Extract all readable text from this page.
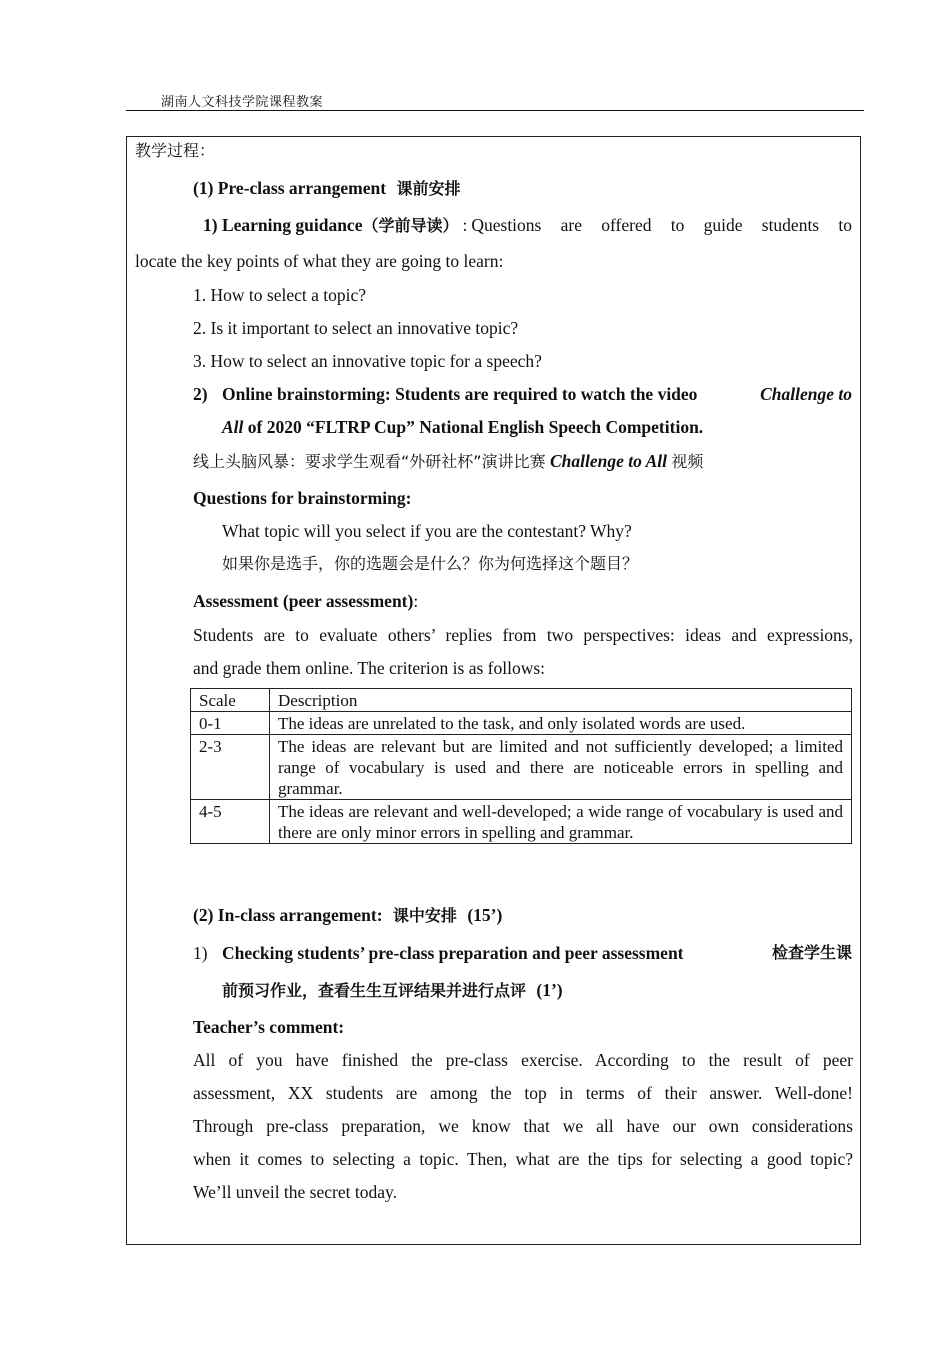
湖南人文科技学院课程教案
教学过程：
(1) Pre-class arrangement 课前安排
1) Learning guidance（学前导读） : Questions are offered to guide students to
locate the key points of what they are going to learn:
1. How to select a topic?
2. Is it important to select an innovative topic?
3. How to select an innovative topic for a speech?
2) Online brainstorming: Students are required to watch the video	Challenge to
All of 2020 “FLTRP Cup” National English Speech Competition.
线上头脑风暴：要求学生观看“外研社杯”演讲比赛 Challenge to All 视频
Questions for brainstorming:
What topic will you select if you are the contestant? Why?
如果你是选手，你的选题会是什么？你为何选择这个题目？
Assessment (peer assessment):
Students are to evaluate others’ replies from two perspectives: ideas and expressions,
and grade them online. The criterion is as follows:
Scale	Description
0-1	The ideas are unrelated to the task, and only isolated words are used.
2-3	The ideas are relevant but are limited and not sufficiently developed; a limited range of vocabulary is used and there are noticeable errors in spelling and grammar.
4-5	The ideas are relevant and well-developed; a wide range of vocabulary is used and there are only minor errors in spelling and grammar.
(2) In-class arrangement: 课中安排 (15’)
1) Checking students’ pre-class preparation and peer assessment	检查学生课
前预习作业，查看生生互评结果并进行点评 (1’)
Teacher’s comment:
All of you have finished the pre-class exercise. According to the result of peer
assessment, XX students are among the top in terms of their answer. Well-done!
Through pre-class preparation, we know that we all have our own considerations
when it comes to selecting a topic. Then, what are the tips for selecting a good topic?
We’ll unveil the secret today.
